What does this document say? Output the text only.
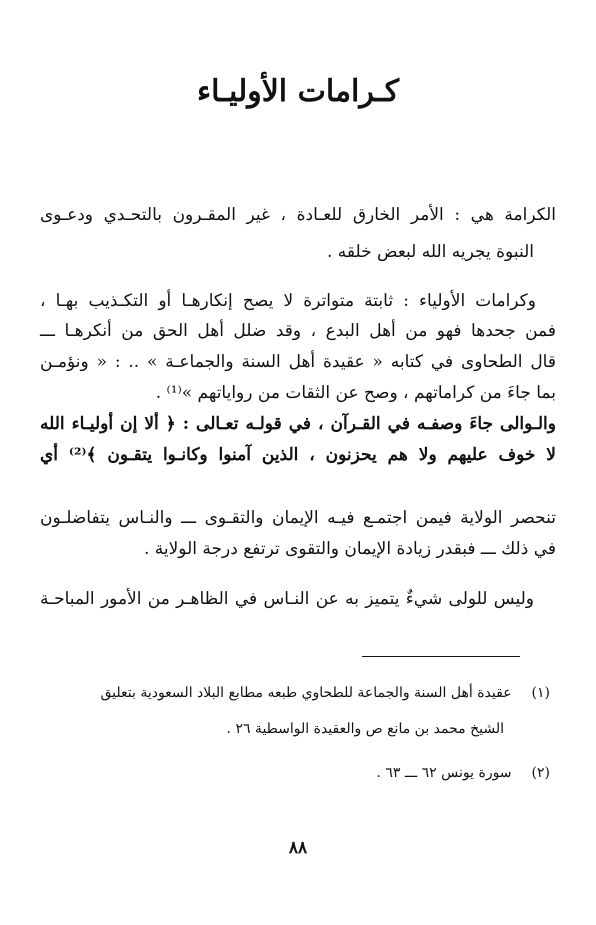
كـرامات الأوليـاء
الكرامة هي : الأمر الخارق للعـادة ، غير المقـرون بالتحـدي ودعـوى
النبوة يجريه الله لبعض خلقه .
وكرامات الأولياء : ثابتة متواترة لا يصح إنكارهـا أو التكـذيب بهـا ،
فمن جحدها فهو من أهل البدع ، وقد ضلل أهل الحق من أنكرهـا ـــ
قال الطحاوى في كتابه « عقيدة أهل السنة والجماعـة » .. : « ونؤمـن
بما جاءَ من كراماتهم ، وصح عن الثقات من رواياتهم »⁽¹⁾ .
والـوالى جاءَ وصفـه في القـرآن ، في قولـه تعـالى : ﴿ ألا إن أوليـاء الله
لا خوف عليهم ولا هم يحزنون ، الذين آمنوا وكانـوا يتقـون ﴾⁽²⁾ أي
تنحصر الولاية فيمن اجتمـع فيـه الإيمان والتقـوى ـــ والنـاس يتفاضلـون
في ذلك ـــ فبقدر زيادة الإيمان والتقوى ترتفع درجة الولاية .
وليس للولى شيءٌ يتميز به عن النـاس في الظاهـر من الأمور المباحـة
(١) عقيدة أهل السنة والجماعة للطحاوي طبعه مطابع البلاد السعودية بتعليق
الشيخ محمد بن مانع ص والعقيدة الواسطية ٢٦ .
(٢) سورة يونس ٦٢ ـــ ٦٣ .
٨٨
